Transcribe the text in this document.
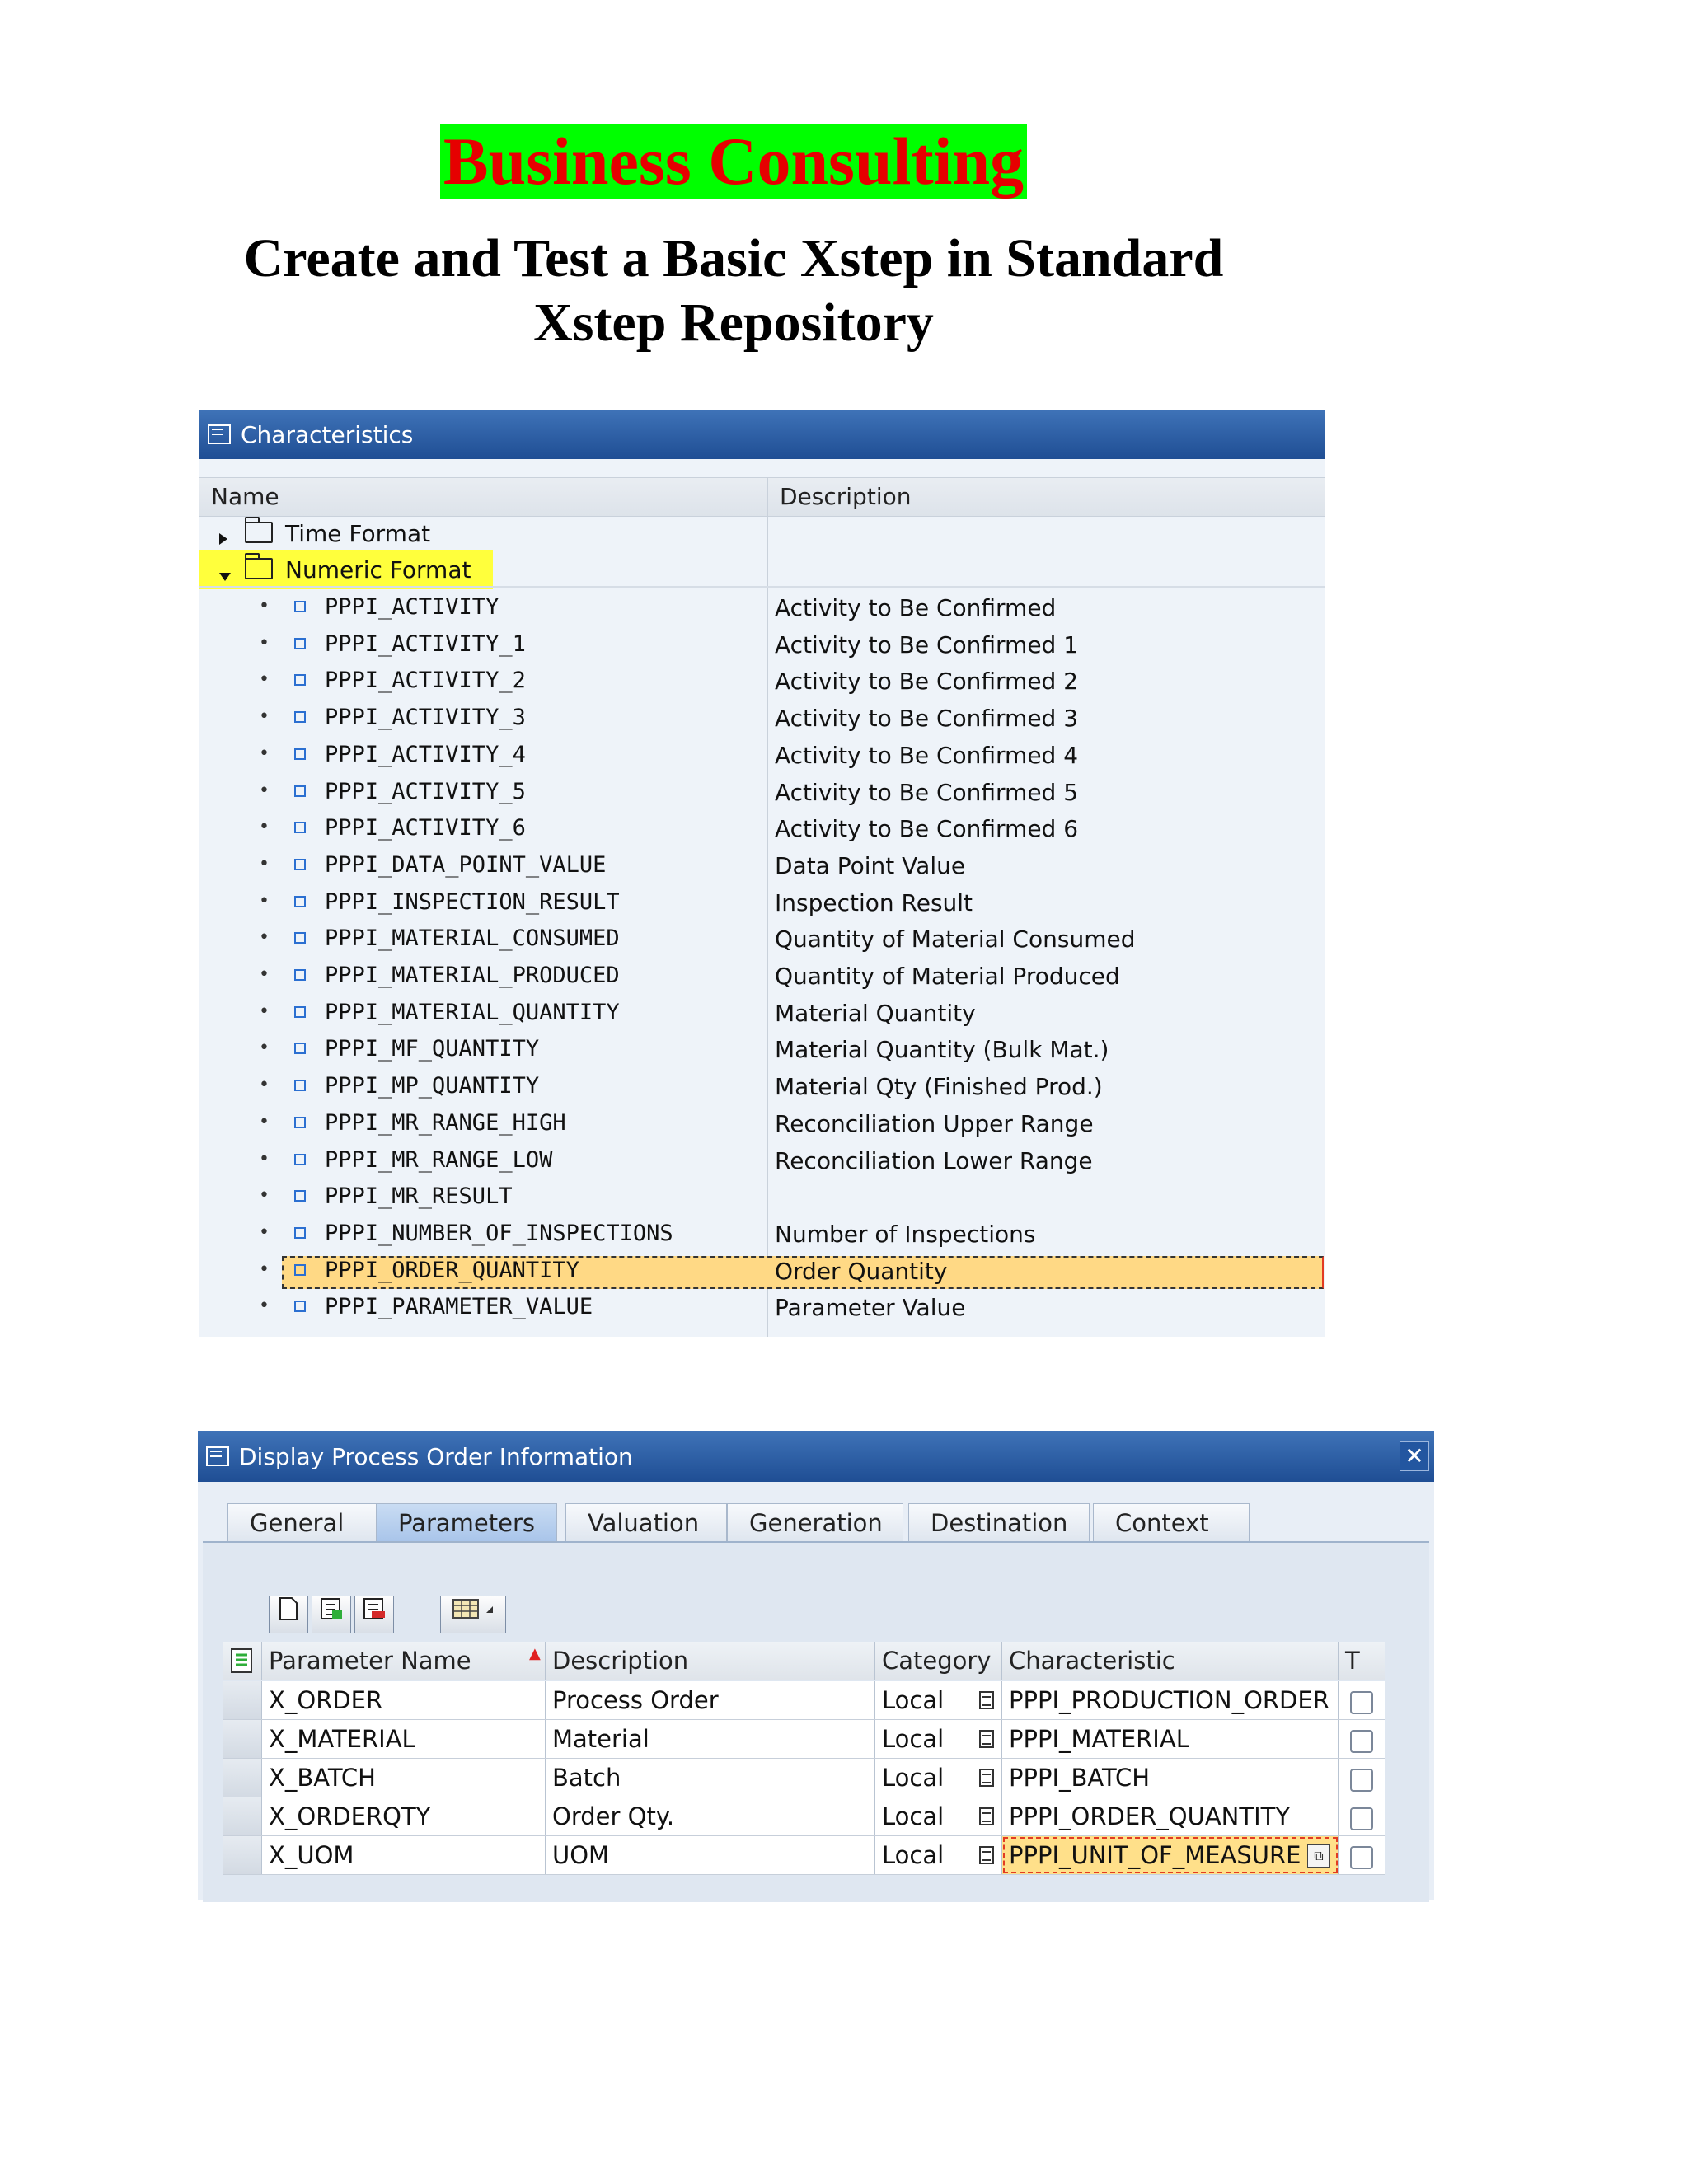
Business Consulting
Create and Test a Basic Xstep in Standard
Xstep Repository
Characteristics
Name	Description
Time Format
Numeric Format
• PPPI_ACTIVITY	Activity to Be Confirmed
• PPPI_ACTIVITY_1	Activity to Be Confirmed 1
• PPPI_ACTIVITY_2	Activity to Be Confirmed 2
• PPPI_ACTIVITY_3	Activity to Be Confirmed 3
• PPPI_ACTIVITY_4	Activity to Be Confirmed 4
• PPPI_ACTIVITY_5	Activity to Be Confirmed 5
• PPPI_ACTIVITY_6	Activity to Be Confirmed 6
• PPPI_DATA_POINT_VALUE	Data Point Value
• PPPI_INSPECTION_RESULT	Inspection Result
• PPPI_MATERIAL_CONSUMED	Quantity of Material Consumed
• PPPI_MATERIAL_PRODUCED	Quantity of Material Produced
• PPPI_MATERIAL_QUANTITY	Material Quantity
• PPPI_MF_QUANTITY	Material Quantity (Bulk Mat.)
• PPPI_MP_QUANTITY	Material Qty (Finished Prod.)
• PPPI_MR_RANGE_HIGH	Reconciliation Upper Range
• PPPI_MR_RANGE_LOW	Reconciliation Lower Range
• PPPI_MR_RESULT
• PPPI_NUMBER_OF_INSPECTIONS	Number of Inspections
• PPPI_ORDER_QUANTITY	Order Quantity
• PPPI_PARAMETER_VALUE	Parameter Value
Display Process Order Information	✕
General	Parameters	Valuation	Generation	Destination	Context
Parameter Name	▲ Description	Category Characteristic	T
X_ORDER	Process Order	Local	PPPI_PRODUCTION_ORDER
X_MATERIAL	Material	Local	PPPI_MATERIAL
X_BATCH	Batch	Local	PPPI_BATCH
X_ORDERQTY	Order Qty.	Local	PPPI_ORDER_QUANTITY
X_UOM	UOM	Local	PPPI_UNIT_OF_MEASURE ⧉
